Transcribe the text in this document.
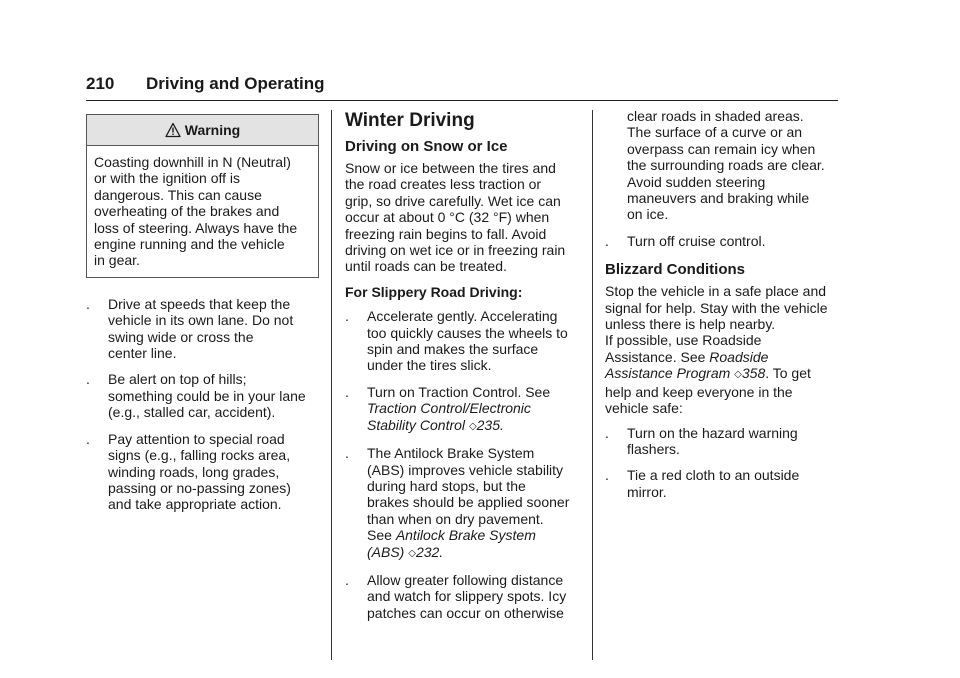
210 Driving and Operating
Warning
Coasting downhill in N (Neutral)
or with the ignition off is
dangerous. This can cause
overheating of the brakes and
loss of steering. Always have the
engine running and the vehicle
in gear.
.	Drive at speeds that keep the
vehicle in its own lane. Do not
swing wide or cross the
center line.
.	Be alert on top of hills;
something could be in your lane
(e.g., stalled car, accident).
.	Pay attention to special road
signs (e.g., falling rocks area,
winding roads, long grades,
passing or no-passing zones)
and take appropriate action.
Winter Driving
Driving on Snow or Ice
Snow or ice between the tires and
the road creates less traction or
grip, so drive carefully. Wet ice can
occur at about 0 °C (32 °F) when
freezing rain begins to fall. Avoid
driving on wet ice or in freezing rain
until roads can be treated.
For Slippery Road Driving:
.	Accelerate gently. Accelerating
too quickly causes the wheels to
spin and makes the surface
under the tires slick.
.	Turn on Traction Control. See
Traction Control/Electronic
Stability Control ◇235.
.	The Antilock Brake System
(ABS) improves vehicle stability
during hard stops, but the
brakes should be applied sooner
than when on dry pavement.
See Antilock Brake System
(ABS) ◇232.
.	Allow greater following distance
and watch for slippery spots. Icy
patches can occur on otherwise
clear roads in shaded areas.
The surface of a curve or an
overpass can remain icy when
the surrounding roads are clear.
Avoid sudden steering
maneuvers and braking while
on ice.
.	Turn off cruise control.
Blizzard Conditions
Stop the vehicle in a safe place and
signal for help. Stay with the vehicle
unless there is help nearby.
If possible, use Roadside
Assistance. See Roadside
Assistance Program ◇358. To get
help and keep everyone in the
vehicle safe:
.	Turn on the hazard warning
flashers.
.	Tie a red cloth to an outside
mirror.
